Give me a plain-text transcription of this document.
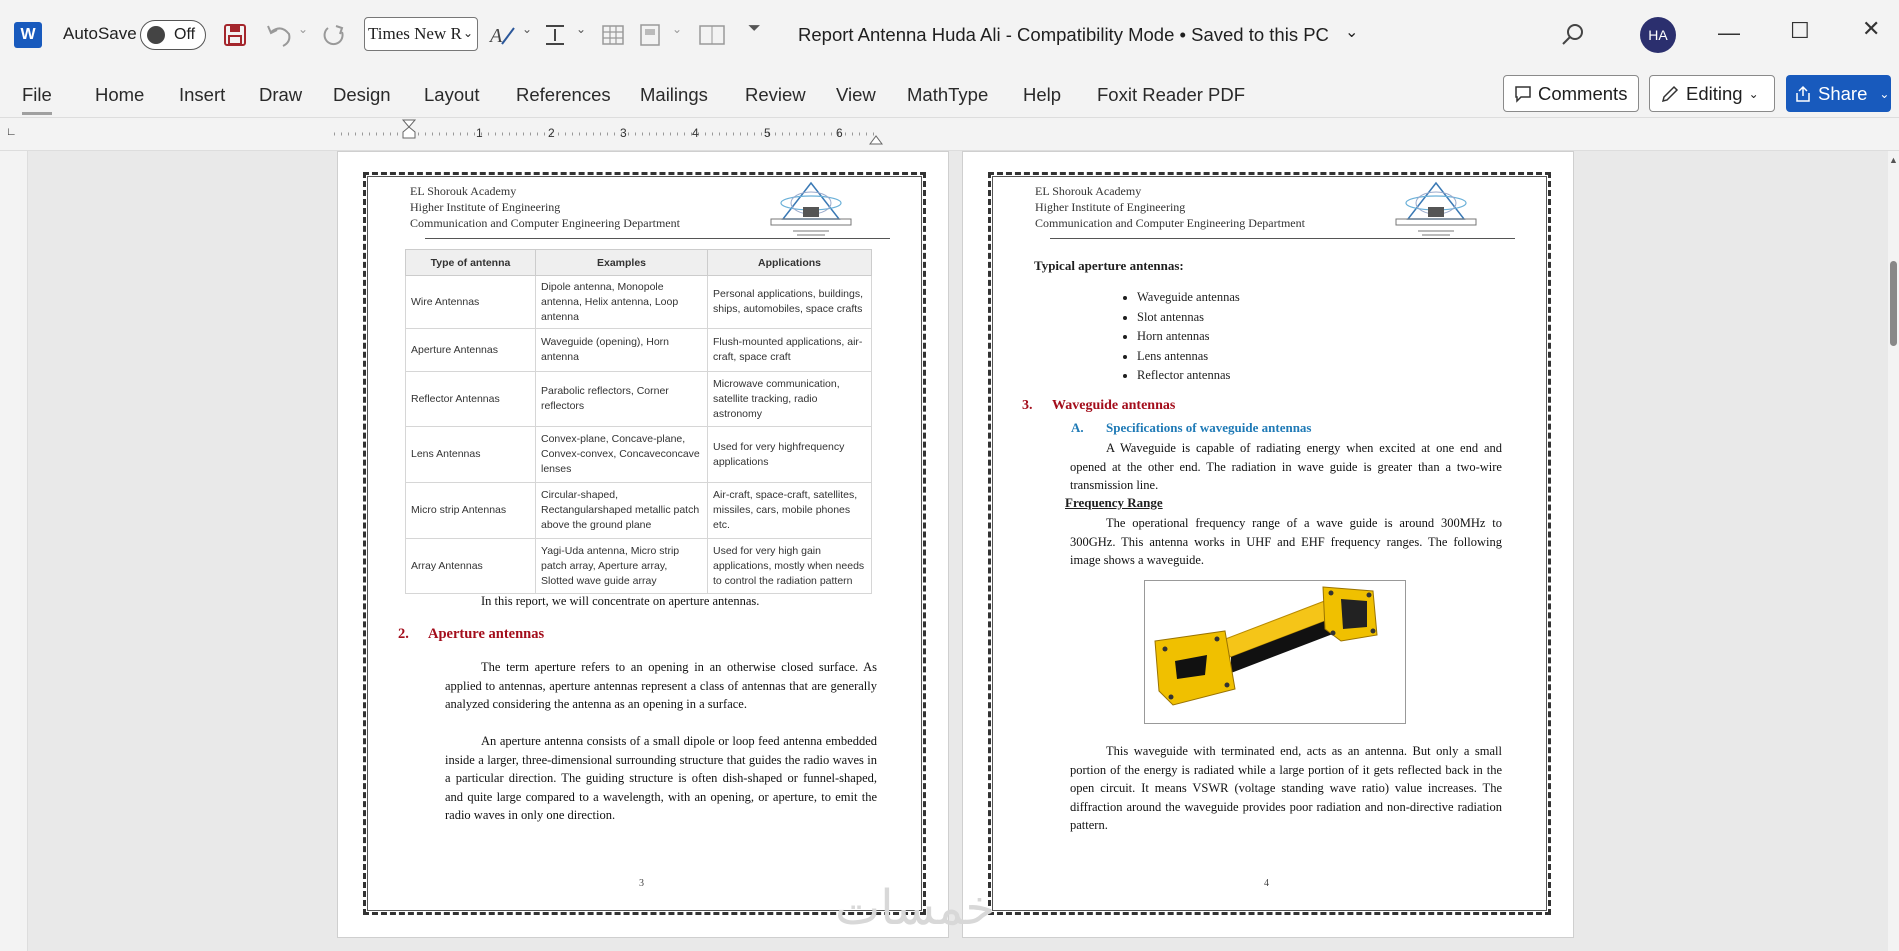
W	AutoSave Off	⌄	Times New R ⌄ A ⌄	⌄	⌄	⏷ Report Antenna Huda Ali - Compatibility Mode • Saved to this PC ⌄	HA	— ☐ ✕
File Home Insert Draw Design Layout References Mailings Review View MathType Help Foxit Reader PDF	Comments	Editing ⌄	Share ⌄
∟	1	2	3	4	5	6
▲
EL Shorouk Academy
Higher Institute of Engineering
Communication and Computer Engineering Department
Type of antenna	Examples	Applications
Wire Antennas	Dipole antenna, Monopole antenna, Helix antenna, Loop antenna	Personal applications, buildings, ships, automobiles, space crafts
Aperture Antennas	Waveguide (opening), Horn antenna	Flush-mounted applications, air-craft, space craft
Reflector Antennas	Parabolic reflectors, Corner reflectors	Microwave communication, satellite tracking, radio astronomy
Lens Antennas	Convex-plane, Concave-plane, Convex-convex, Concaveconcave lenses	Used for very highfrequency applications
Micro strip Antennas	Circular-shaped, Rectangularshaped metallic patch above the ground plane	Air-craft, space-craft, satellites, missiles, cars, mobile phones etc.
Array Antennas	Yagi-Uda antenna, Micro strip patch array, Aperture array, Slotted wave guide array	Used for very high gain applications, mostly when needs to control the radiation pattern
In this report, we will concentrate on aperture antennas.
2. Aperture antennas
The term aperture refers to an opening in an otherwise closed surface. As applied to antennas, aperture antennas represent a class of antennas that are generally analyzed considering the antenna as an opening in a surface.
An aperture antenna consists of a small dipole or loop feed antenna embedded inside a larger, three-dimensional surrounding structure that guides the radio waves in a particular direction. The guiding structure is often dish-shaped or funnel-shaped, and quite large compared to a wavelength, with an opening, or aperture, to emit the radio waves in only one direction.
3
EL Shorouk Academy
Higher Institute of Engineering
Communication and Computer Engineering Department
Typical aperture antennas:
• Waveguide antennas
• Slot antennas
• Horn antennas
• Lens antennas
• Reflector antennas
3. Waveguide antennas
A. Specifications of waveguide antennas
A Waveguide is capable of radiating energy when excited at one end and opened at the other end. The radiation in wave guide is greater than a two-wire transmission line.
Frequency Range
The operational frequency range of a wave guide is around 300MHz to 300GHz. This antenna works in UHF and EHF frequency ranges. The following image shows a waveguide.
This waveguide with terminated end, acts as an antenna. But only a small portion of the energy is radiated while a large portion of it gets reflected back in the open circuit. It means VSWR (voltage standing wave ratio) value increases. The diffraction around the waveguide provides poor radiation and non-directive radiation pattern.
4
خمسات
